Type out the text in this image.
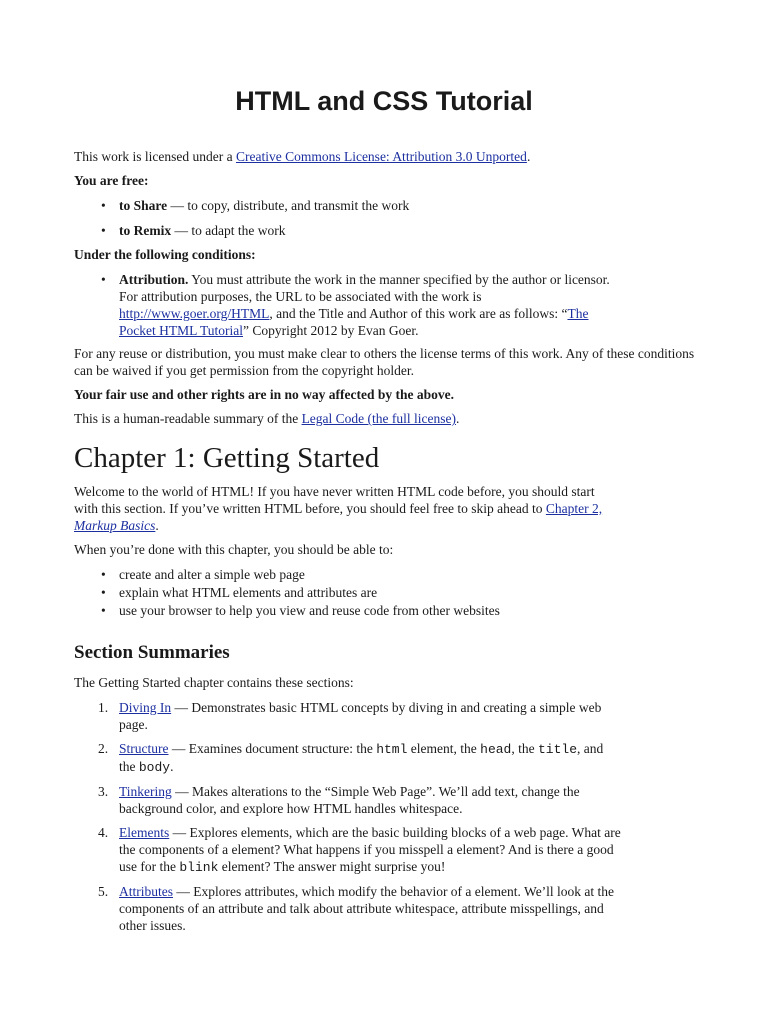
HTML and CSS Tutorial

This work is licensed under a Creative Commons License: Attribution 3.0 Unported.

You are free:

• to Share — to copy, distribute, and transmit the work
• to Remix — to adapt the work

Under the following conditions:

• Attribution. You must attribute the work in the manner specified by the author or licensor.
For attribution purposes, the URL to be associated with the work is
http://www.goer.org/HTML, and the Title and Author of this work are as follows: “The
Pocket HTML Tutorial” Copyright 2012 by Evan Goer.

For any reuse or distribution, you must make clear to others the license terms of this work. Any of these conditions can be waived if you get permission from the copyright holder.

Your fair use and other rights are in no way affected by the above.

This is a human-readable summary of the Legal Code (the full license).

Chapter 1: Getting Started

Welcome to the world of HTML! If you have never written HTML code before, you should start
with this section. If you’ve written HTML before, you should feel free to skip ahead to Chapter 2,
Markup Basics.

When you’re done with this chapter, you should be able to:

• create and alter a simple web page
• explain what HTML elements and attributes are
• use your browser to help you view and reuse code from other websites
Section Summaries

The Getting Started chapter contains these sections:

1. Diving In — Demonstrates basic HTML concepts by diving in and creating a simple web
page.
2. Structure — Examines document structure: the html element, the head, the title, and
the body.
3. Tinkering — Makes alterations to the “Simple Web Page”. We’ll add text, change the
background color, and explore how HTML handles whitespace.
4. Elements — Explores elements, which are the basic building blocks of a web page. What are
the components of a element? What happens if you misspell a element? And is there a good
use for the blink element? The answer might surprise you!
5. Attributes — Explores attributes, which modify the behavior of a element. We’ll look at the
components of an attribute and talk about attribute whitespace, attribute misspellings, and
other issues.
